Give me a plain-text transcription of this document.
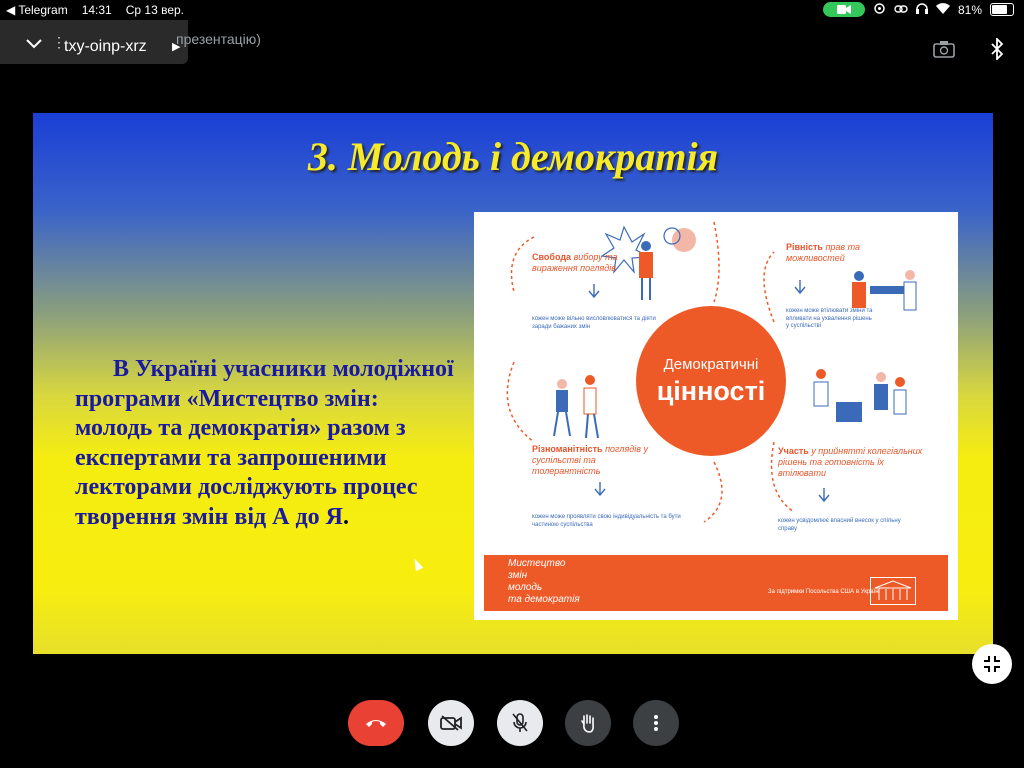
◀ Telegram 14:31 Ср 13 вер.	81%
⋮
txy-oinp-xrz ▶
презентацію)
3. Молодь і демократія
В Україні учасники молодіжної програми «Мистецтво змін: молодь та демократія» разом з експертами та запрошеними лекторами досліджують процес творення змін від А до Я.
Демократичні
цінності
Свобода вибору та вираження поглядів
кожен може вільно висловлюватися та діяти заради бажаних змін
Рівність прав та можливостей
кожен може втілювати зміни та впливати на ухвалення рішень у суспільстві
Різноманітність поглядів у суспільстві та толерантність
кожен може проявляти свою індивідуальність та бути частиною суспільства
Участь у прийнятті колегіальних рішень та готовність їх втілювати
кожен усвідомлює власний внесок у спільну справу
Мистецтво
змін
молодь
та демократія
За підтримки Посольства США в Україні
